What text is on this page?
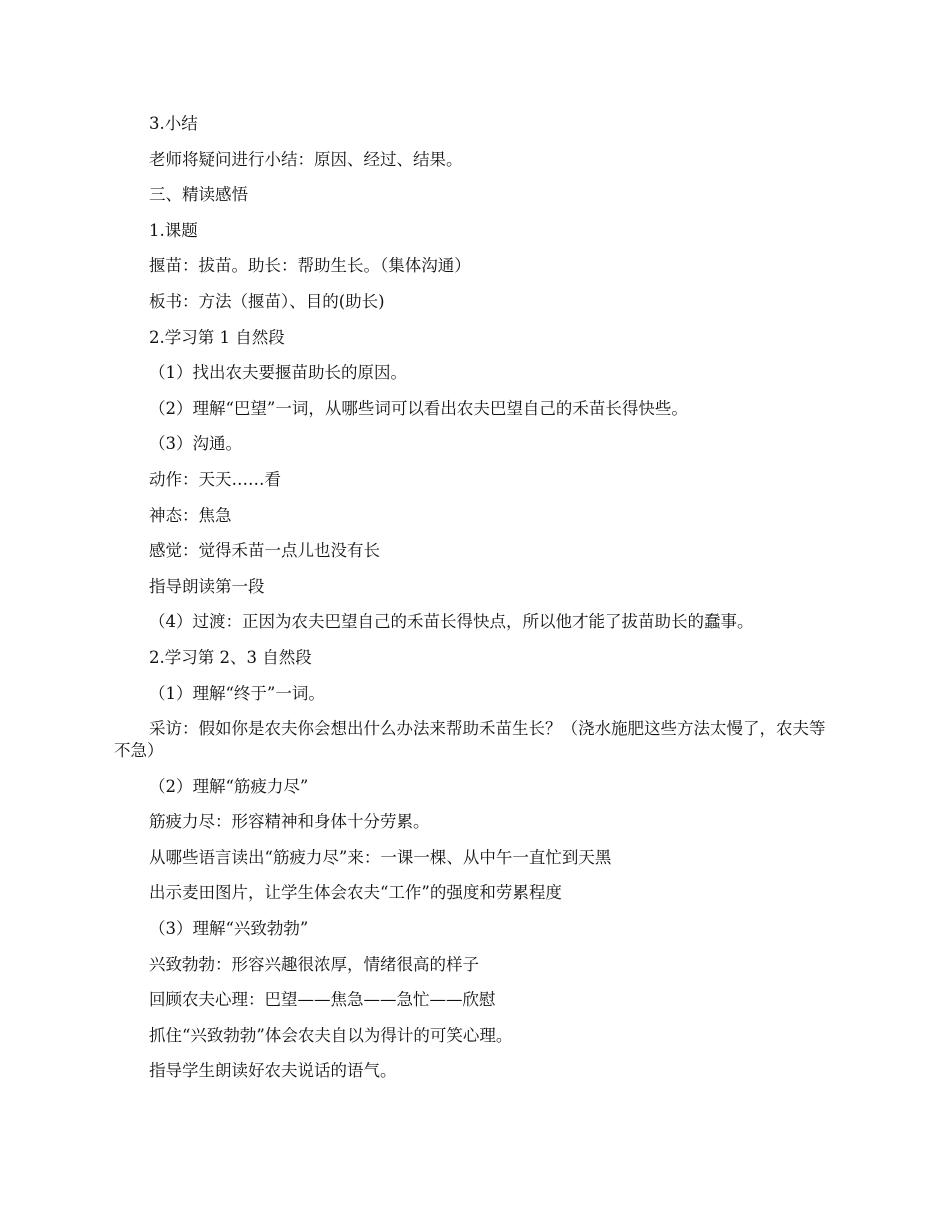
3.小结

老师将疑问进行小结：原因、经过、结果。

三、精读感悟

1.课题

揠苗：拔苗。助长：帮助生长。（集体沟通）

板书：方法（揠苗）、目的(助长)

2.学习第 1 自然段

（1）找出农夫要揠苗助长的原因。

（2）理解“巴望”一词，从哪些词可以看出农夫巴望自己的禾苗长得快些。

（3）沟通。

动作：天天……看

神态：焦急

感觉：觉得禾苗一点儿也没有长

指导朗读第一段

（4）过渡：正因为农夫巴望自己的禾苗长得快点，所以他才能了拔苗助长的蠢事。

2.学习第 2、3 自然段

（1）理解“终于”一词。

采访：假如你是农夫你会想出什么办法来帮助禾苗生长？（浇水施肥这些方法太慢了，农夫等不急）

（2）理解“筋疲力尽”

筋疲力尽：形容精神和身体十分劳累。

从哪些语言读出“筋疲力尽”来：一课一棵、从中午一直忙到天黑

出示麦田图片，让学生体会农夫“工作”的强度和劳累程度

（3）理解“兴致勃勃”

兴致勃勃：形容兴趣很浓厚，情绪很高的样子

回顾农夫心理：巴望——焦急——急忙——欣慰

抓住“兴致勃勃”体会农夫自以为得计的可笑心理。

指导学生朗读好农夫说话的语气。
